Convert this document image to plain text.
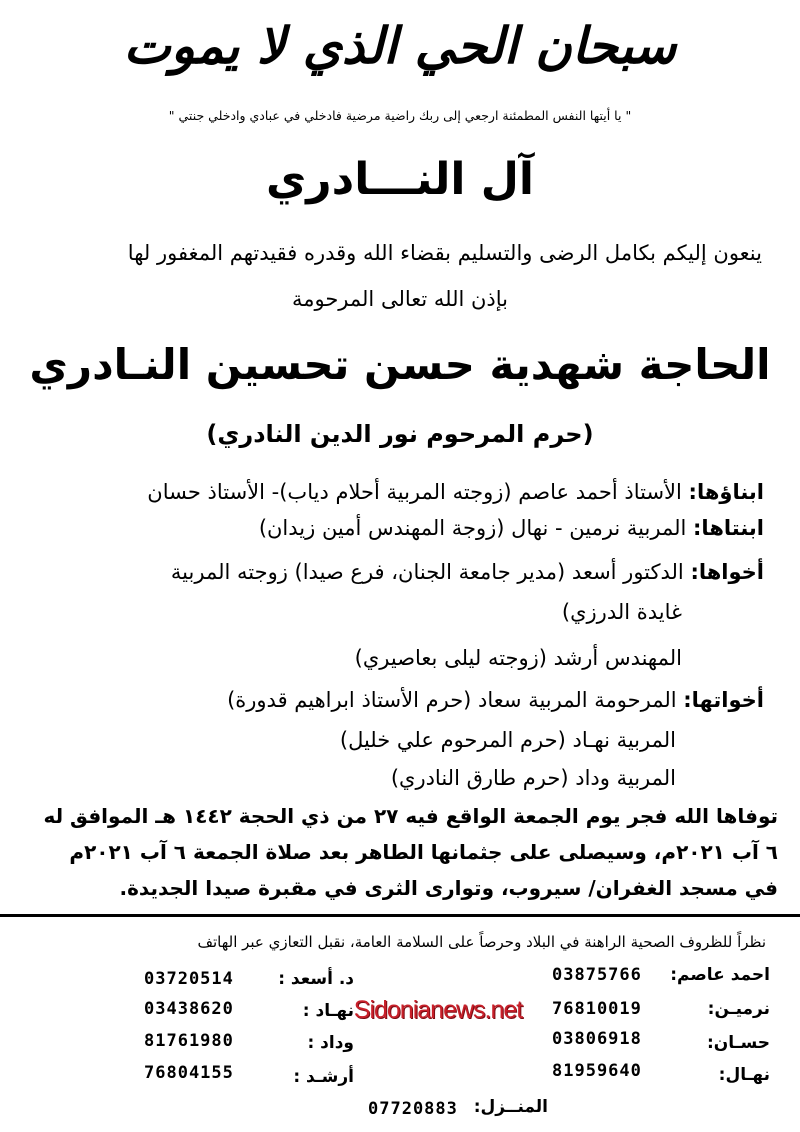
سبحان الحي الذي لا يموت
" يا أيتها النفس المطمئنة ارجعي إلى ربك راضية مرضية فادخلي في عبادي وادخلي جنتي "
آل النـــادري
ينعون إليكم بكامل الرضى والتسليم بقضاء الله وقدره فقيدتهم المغفور لها
بإذن الله تعالى المرحومة
الحاجة شهدية حسن تحسين النـادري
(حرم المرحوم نور الدين النادري)
ابناؤها: الأستاذ أحمد عاصم (زوجته المربية أحلام دياب)- الأستاذ حسان
ابنتاها: المربية نرمين - نهال (زوجة المهندس أمين زيدان)
أخواها: الدكتور أسعد (مدير جامعة الجنان، فرع صيدا) زوجته المربية
غايدة الدرزي)
المهندس أرشد (زوجته ليلى بعاصيري)
أخواتها: المرحومة المربية سعاد (حرم الأستاذ ابراهيم قدورة)
المربية نهـاد (حرم المرحوم علي خليل)
المربية وداد (حرم طارق النادري)
توفاها الله فجر يوم الجمعة الواقع فيه ٢٧ من ذي الحجة ١٤٤٢ هـ الموافق له
٦ آب ٢٠٢١م، وسيصلى على جثمانها الطاهر بعد صلاة الجمعة ٦ آب ٢٠٢١م
في مسجد الغفران/ سيروب، وتوارى الثرى في مقبرة صيدا الجديدة.
نظراً للظروف الصحية الراهنة في البلاد وحرصاً على السلامة العامة، نقبل التعازي عبر الهاتف
احمد عاصم:
03875766
نرميـن:
76810019
حسـان:
03806918
نهـال:
81959640
د. أسعد :
03720514
نهـاد :
03438620
وداد :
81761980
أرشـد :
76804155
المنــزل:
07720883
Sidonianews.net
